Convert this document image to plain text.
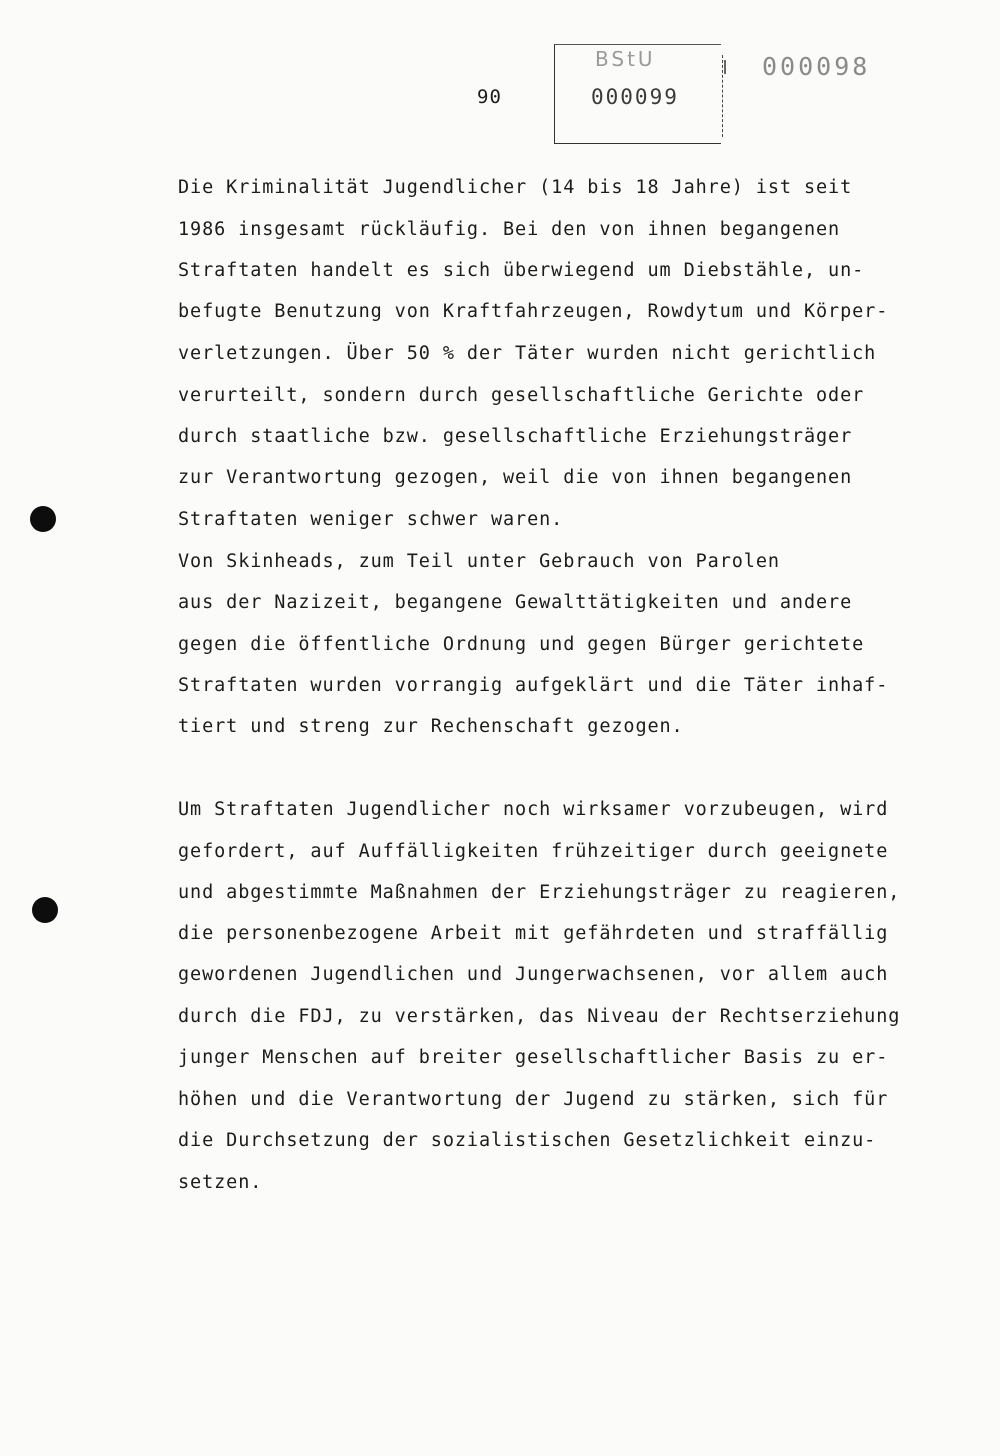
90
BStU
000099
000098
Die Kriminalität Jugendlicher (14 bis 18 Jahre) ist seit
1986 insgesamt rückläufig. Bei den von ihnen begangenen
Straftaten handelt es sich überwiegend um Diebstähle, un-
befugte Benutzung von Kraftfahrzeugen, Rowdytum und Körper-
verletzungen. Über 50 % der Täter wurden nicht gerichtlich
verurteilt, sondern durch gesellschaftliche Gerichte oder
durch staatliche bzw. gesellschaftliche Erziehungsträger
zur Verantwortung gezogen, weil die von ihnen begangenen
Straftaten weniger schwer waren.
Von Skinheads, zum Teil unter Gebrauch von Parolen
aus der Nazizeit, begangene Gewalttätigkeiten und andere
gegen die öffentliche Ordnung und gegen Bürger gerichtete
Straftaten wurden vorrangig aufgeklärt und die Täter inhaf-
tiert und streng zur Rechenschaft gezogen.
Um Straftaten Jugendlicher noch wirksamer vorzubeugen, wird
gefordert, auf Auffälligkeiten frühzeitiger durch geeignete
und abgestimmte Maßnahmen der Erziehungsträger zu reagieren,
die personenbezogene Arbeit mit gefährdeten und straffällig
gewordenen Jugendlichen und Jungerwachsenen, vor allem auch
durch die FDJ, zu verstärken, das Niveau der Rechtserziehung
junger Menschen auf breiter gesellschaftlicher Basis zu er-
höhen und die Verantwortung der Jugend zu stärken, sich für
die Durchsetzung der sozialistischen Gesetzlichkeit einzu-
setzen.
